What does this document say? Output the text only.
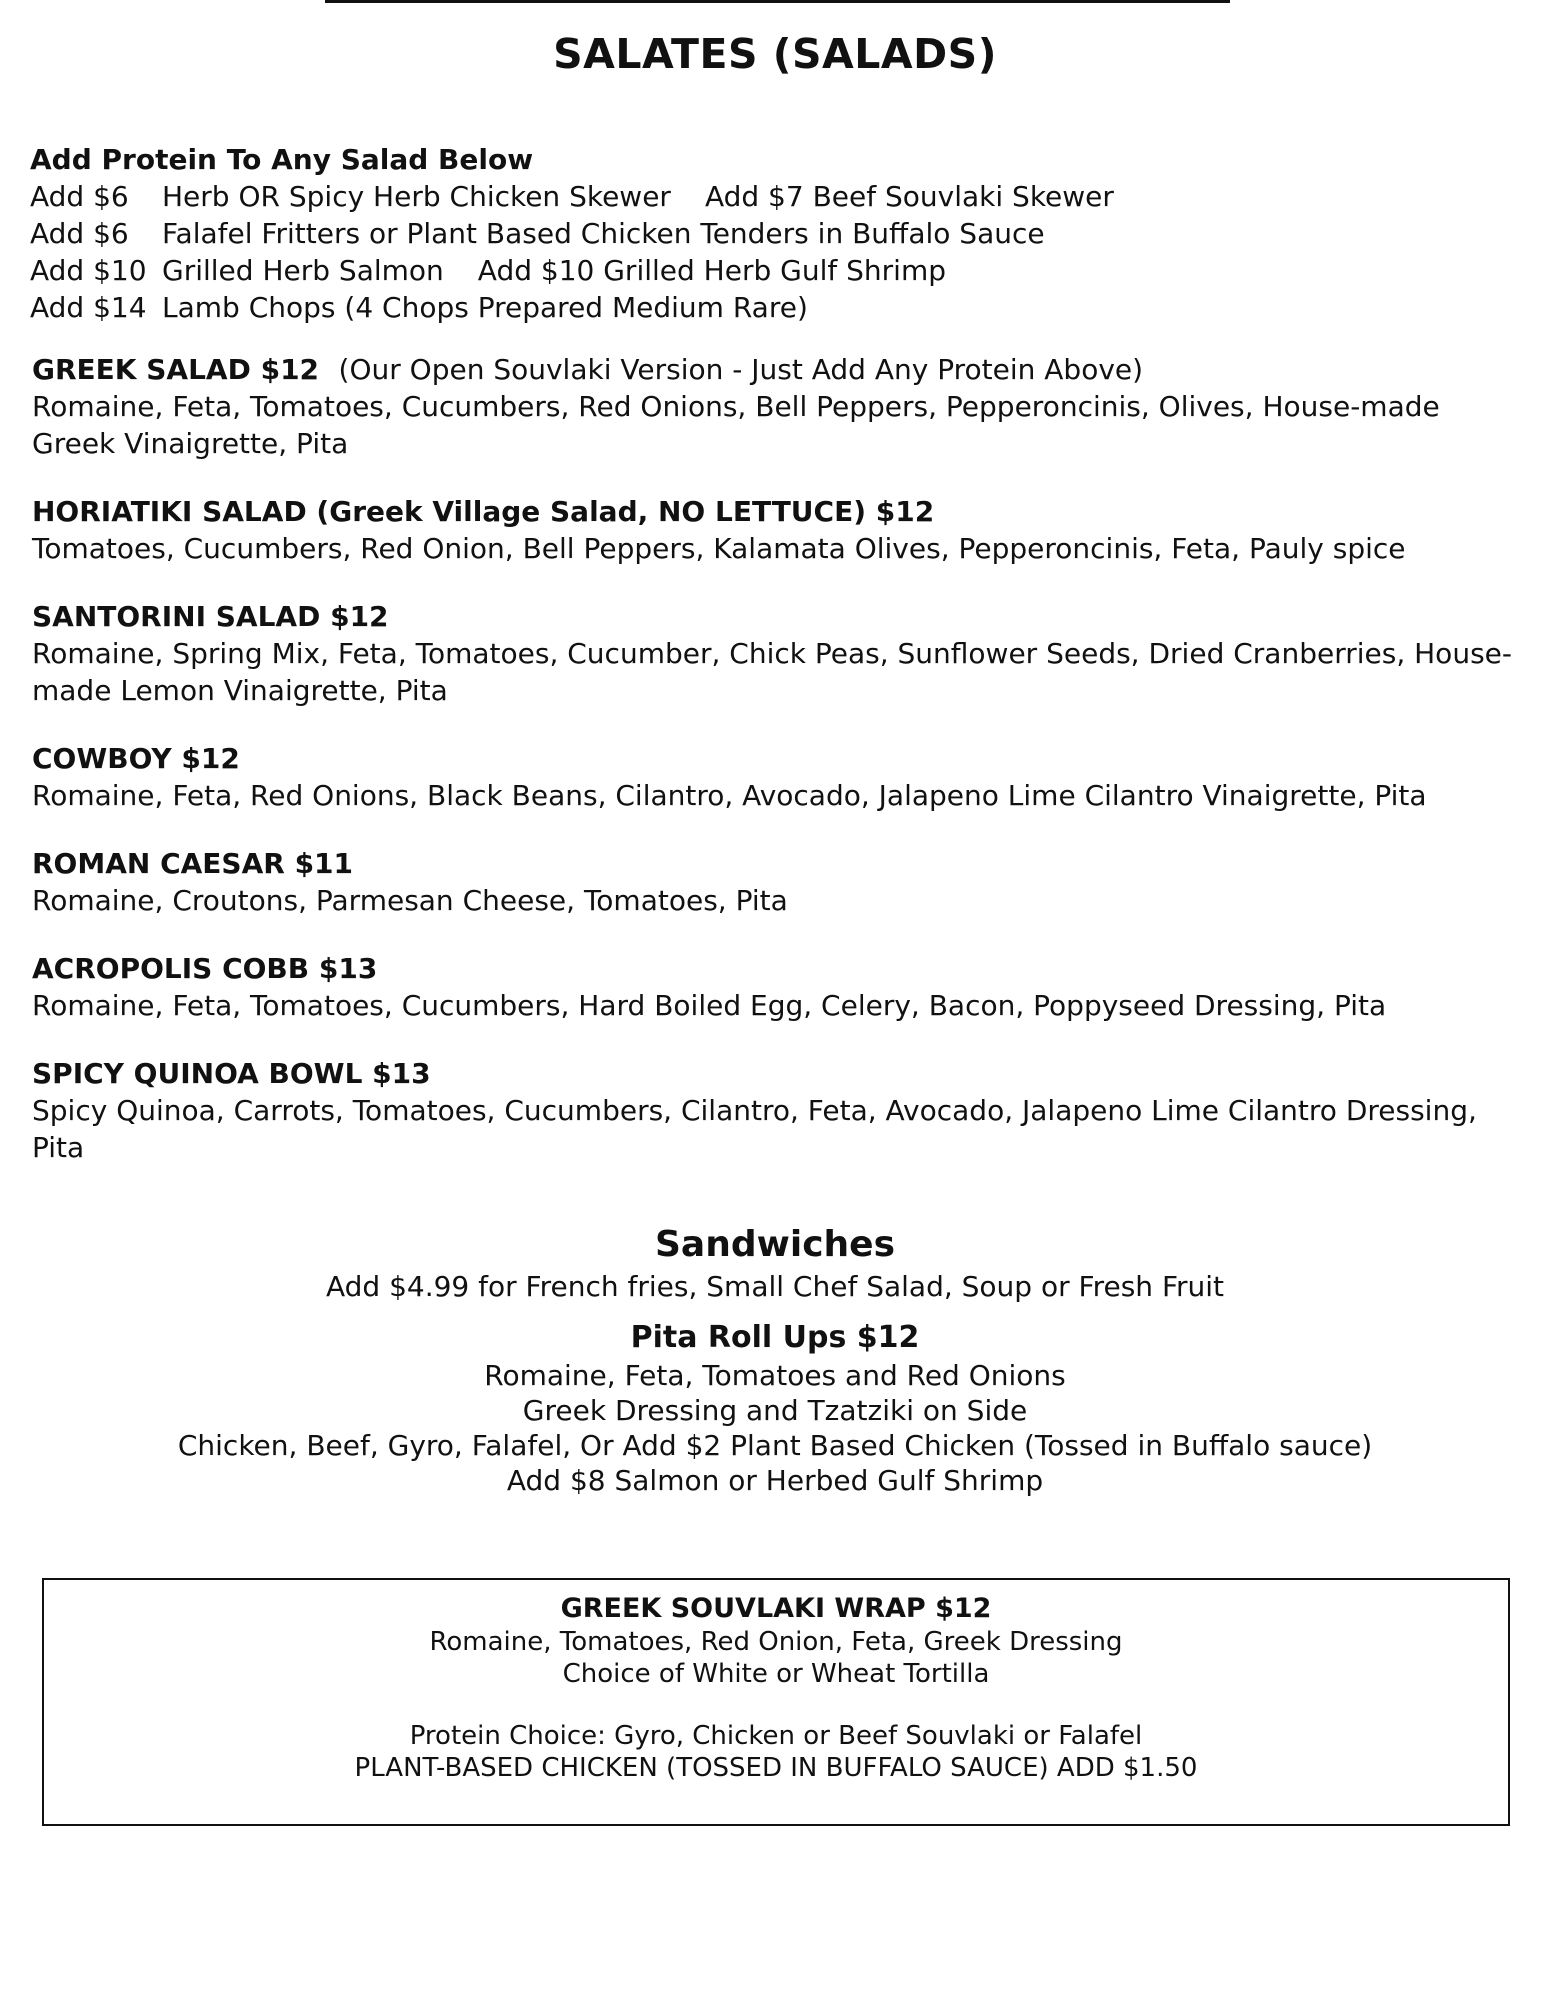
SALATES (SALADS)
Add Protein To Any Salad Below
Add $6 Herb OR Spicy Herb Chicken Skewer Add $7 Beef Souvlaki Skewer
Add $6 Falafel Fritters or Plant Based Chicken Tenders in Buffalo Sauce
Add $10 Grilled Herb Salmon Add $10 Grilled Herb Gulf Shrimp
Add $14 Lamb Chops (4 Chops Prepared Medium Rare)
GREEK SALAD $12 (Our Open Souvlaki Version - Just Add Any Protein Above)
Romaine, Feta, Tomatoes, Cucumbers, Red Onions, Bell Peppers, Pepperoncinis, Olives, House-made Greek Vinaigrette, Pita
HORIATIKI SALAD (Greek Village Salad, NO LETTUCE) $12
Tomatoes, Cucumbers, Red Onion, Bell Peppers, Kalamata Olives, Pepperoncinis, Feta, Pauly spice
SANTORINI SALAD $12
Romaine, Spring Mix, Feta, Tomatoes, Cucumber, Chick Peas, Sunflower Seeds, Dried Cranberries, House-made Lemon Vinaigrette, Pita
COWBOY $12
Romaine, Feta, Red Onions, Black Beans, Cilantro, Avocado, Jalapeno Lime Cilantro Vinaigrette, Pita
ROMAN CAESAR $11
Romaine, Croutons, Parmesan Cheese, Tomatoes, Pita
ACROPOLIS COBB $13
Romaine, Feta, Tomatoes, Cucumbers, Hard Boiled Egg, Celery, Bacon, Poppyseed Dressing, Pita
SPICY QUINOA BOWL $13
Spicy Quinoa, Carrots, Tomatoes, Cucumbers, Cilantro, Feta, Avocado, Jalapeno Lime Cilantro Dressing, Pita
Sandwiches
Add $4.99 for French fries, Small Chef Salad, Soup or Fresh Fruit
Pita Roll Ups $12
Romaine, Feta, Tomatoes and Red Onions
Greek Dressing and Tzatziki on Side
Chicken, Beef, Gyro, Falafel, Or Add $2 Plant Based Chicken (Tossed in Buffalo sauce)
Add $8 Salmon or Herbed Gulf Shrimp
GREEK SOUVLAKI WRAP $12
Romaine, Tomatoes, Red Onion, Feta, Greek Dressing
Choice of White or Wheat Tortilla
Protein Choice: Gyro, Chicken or Beef Souvlaki or Falafel
PLANT-BASED CHICKEN (TOSSED IN BUFFALO SAUCE) ADD $1.50
